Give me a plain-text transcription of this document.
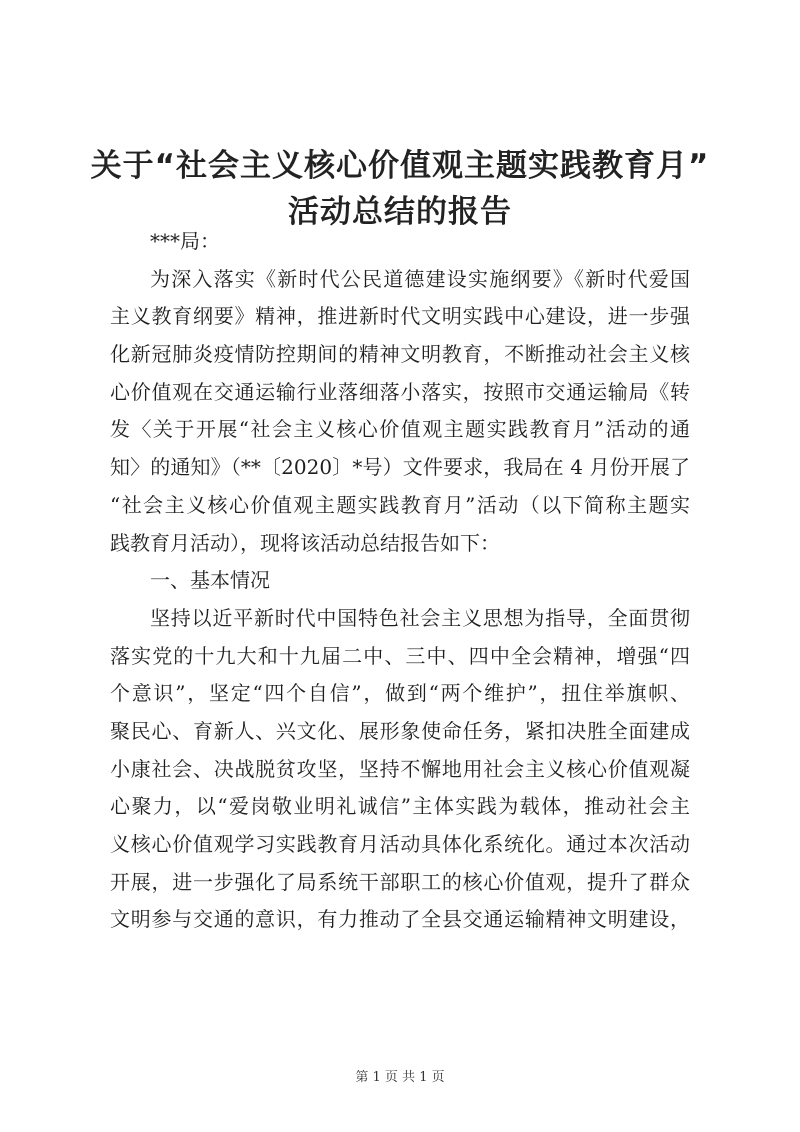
关于“社会主义核心价值观主题实践教育月”
活动总结的报告
***局：
为深入落实《新时代公民道德建设实施纲要》《新时代爱国
主义教育纲要》精神，推进新时代文明实践中心建设，进一步强
化新冠肺炎疫情防控期间的精神文明教育，不断推动社会主义核
心价值观在交通运输行业落细落小落实，按照市交通运输局《转
发〈关于开展“社会主义核心价值观主题实践教育月”活动的通
知〉的通知》（**〔2020〕*号）文件要求，我局在 4 月份开展了
“社会主义核心价值观主题实践教育月”活动（以下简称主题实
践教育月活动），现将该活动总结报告如下：
一、基本情况
坚持以近平新时代中国特色社会主义思想为指导，全面贯彻
落实党的十九大和十九届二中、三中、四中全会精神，增强“四
个意识”，坚定“四个自信”，做到“两个维护”，扭住举旗帜、
聚民心、育新人、兴文化、展形象使命任务，紧扣决胜全面建成
小康社会、决战脱贫攻坚，坚持不懈地用社会主义核心价值观凝
心聚力，以“爱岗敬业明礼诚信”主体实践为载体，推动社会主
义核心价值观学习实践教育月活动具体化系统化。通过本次活动
开展，进一步强化了局系统干部职工的核心价值观，提升了群众
文明参与交通的意识，有力推动了全县交通运输精神文明建设，
第 1 页 共 1 页
